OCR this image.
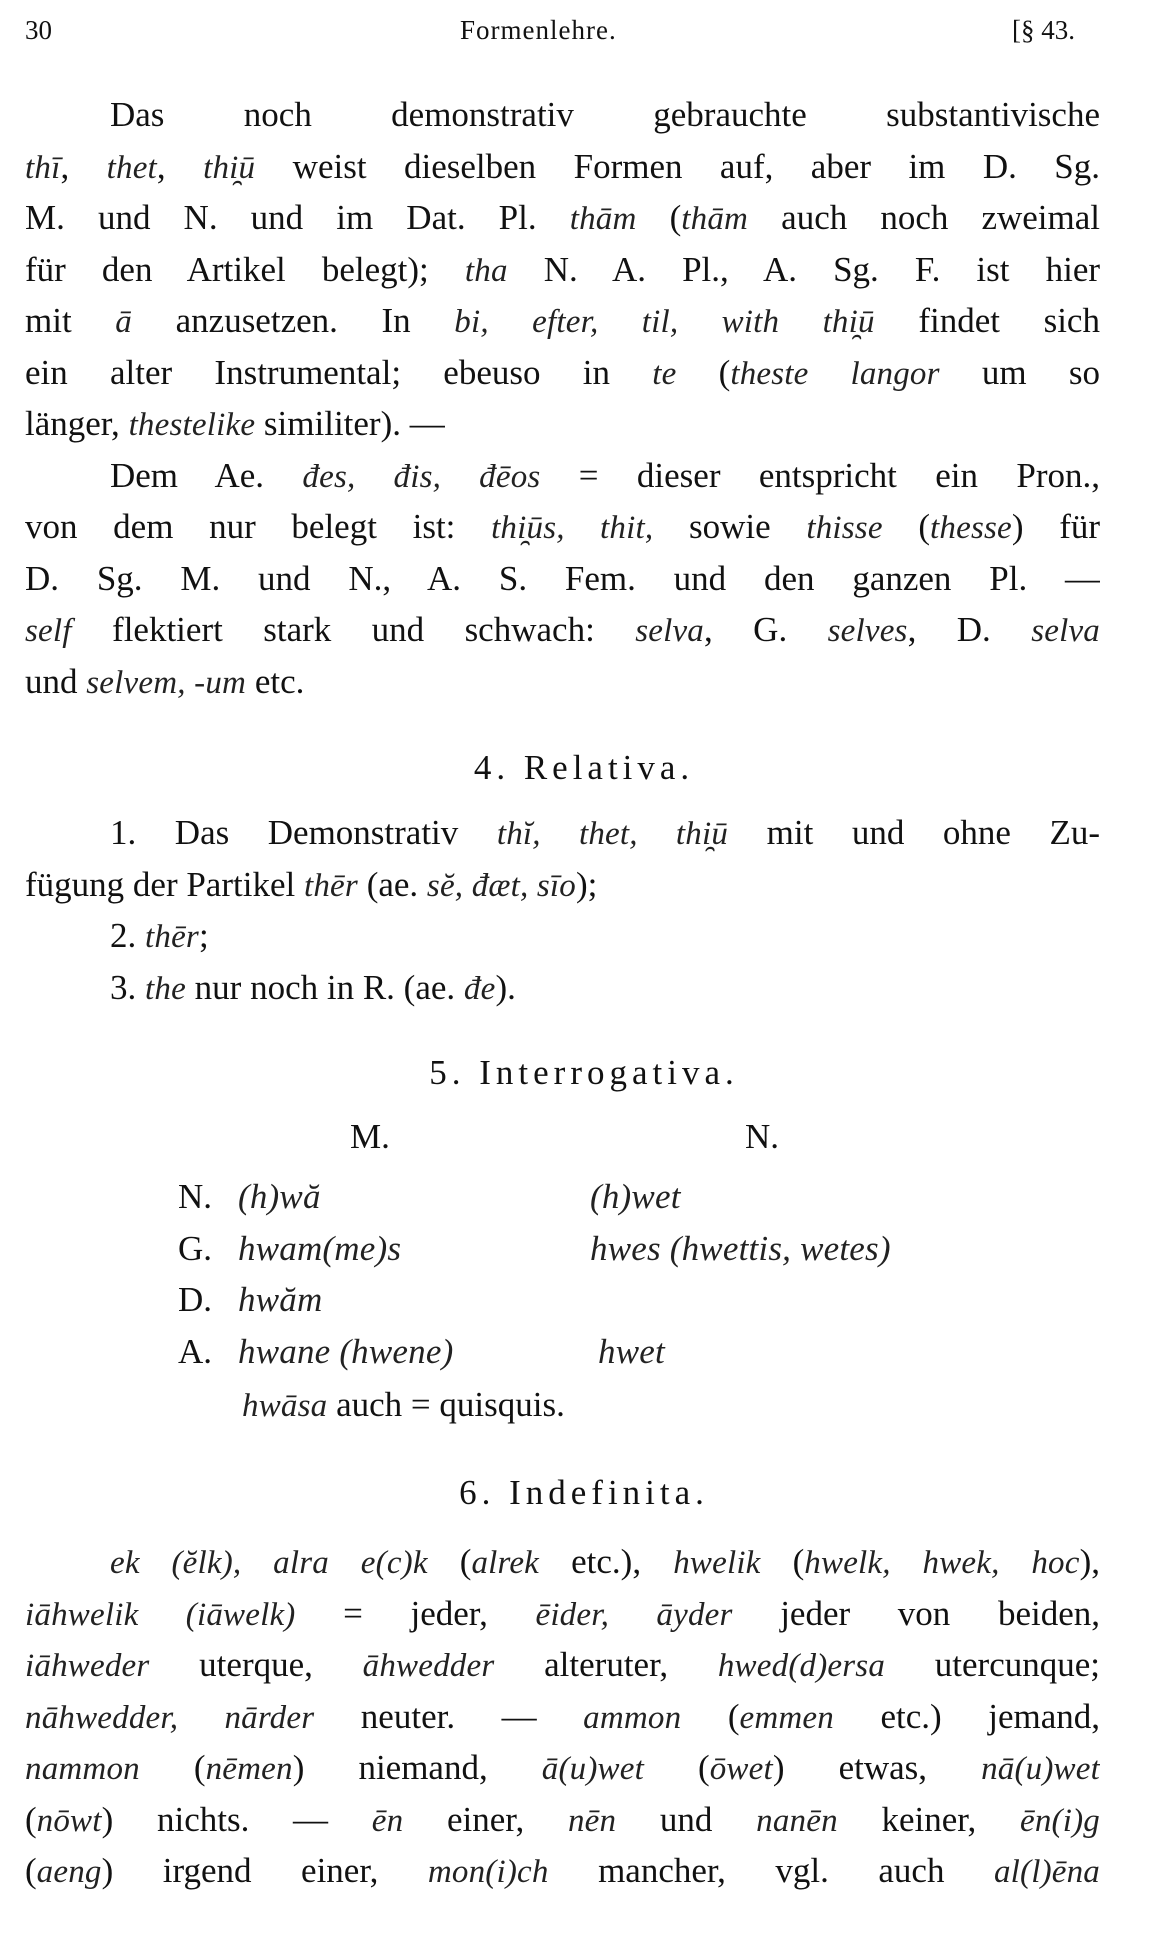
30	Formenlehre.	[§ 43.
Das noch demonstrativ gebrauchte substantivische
thī, thet, thi̯ū weist dieselben Formen auf, aber im D. Sg.
M. und N. und im Dat. Pl. thām (thām auch noch zweimal
für den Artikel belegt); tha N. A. Pl., A. Sg. F. ist hier
mit ā anzusetzen. In bi, efter, til, with thi̯ū findet sich
ein alter Instrumental; ebeuso in te (theste langor um so
länger, thestelike similiter). —
Dem Ae. đes, đis, đēos = dieser entspricht ein Pron.,
von dem nur belegt ist: thi̯ūs, thit, sowie thisse (thesse) für
D. Sg. M. und N., A. S. Fem. und den ganzen Pl. —
self flektiert stark und schwach: selva, G. selves, D. selva
und selvem, -um etc.
4. Relativa.
1. Das Demonstrativ thĭ, thet, thi̯ū mit und ohne Zu-
fügung der Partikel thēr (ae. sĕ, đæt, sīo);
2. thēr;
3. the nur noch in R. (ae. đe).
5. Interrogativa.
M.	N.
N. (h)wă	(h)wet
G. hwam(me)s	hwes (hwettis, wetes)
D. hwăm
A. hwane (hwene)	hwet
hwāsa auch = quisquis.
6. Indefinita.
ek (ĕlk), alra e(c)k (alrek etc.), hwelik (hwelk, hwek, hoc),
iāhwelik (iāwelk) = jeder, ēider, āyder jeder von beiden,
iāhweder uterque, āhwedder alteruter, hwed(d)ersa utercunque;
nāhwedder, nārder neuter. — ammon (emmen etc.) jemand,
nammon (nēmen) niemand, ā(u)wet (ōwet) etwas, nā(u)wet
(nōwt) nichts. — ēn einer, nēn und nanēn keiner, ēn(i)g
(aeng) irgend einer, mon(i)ch mancher, vgl. auch al(l)ēna
